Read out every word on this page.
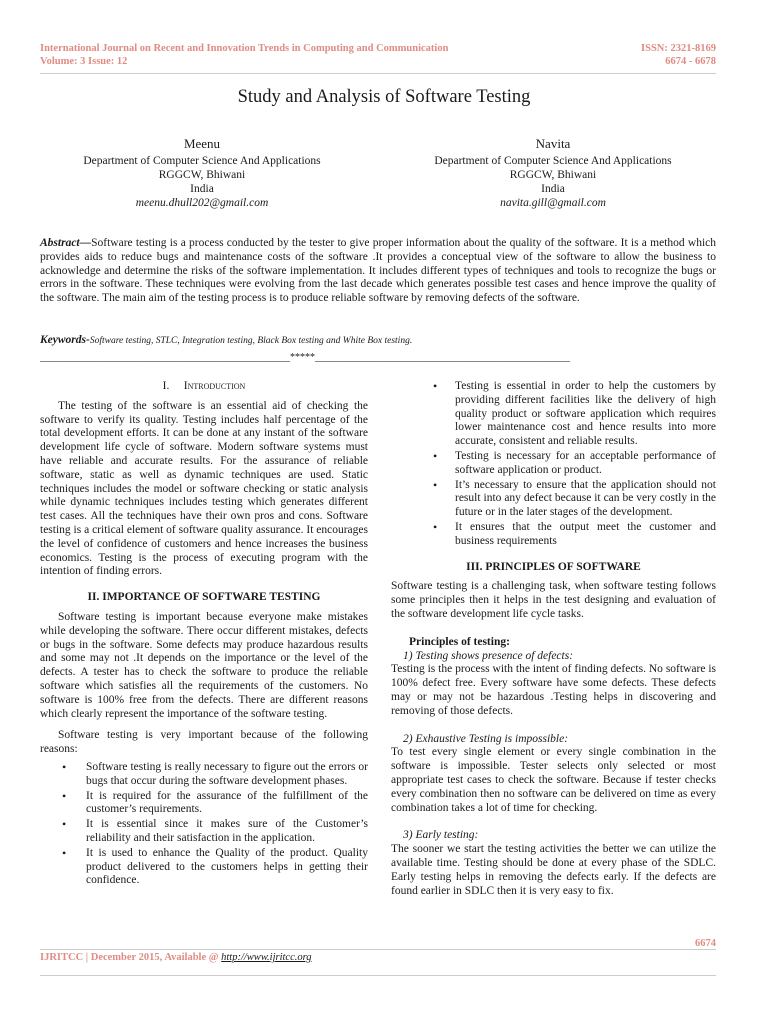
International Journal on Recent and Innovation Trends in Computing and Communication
Volume: 3 Issue: 12
ISSN: 2321-8169
6674 - 6678
Study and Analysis of Software Testing
Meenu
Department of Computer Science And Applications
RGGCW, Bhiwani
India
meenu.dhull202@gmail.com
Navita
Department of Computer Science And Applications
RGGCW, Bhiwani
India
navita.gill@gmail.com
Abstract—Software testing is a process conducted by the tester to give proper information about the quality of the software. It is a method which provides aids to reduce bugs and maintenance costs of the software .It provides a conceptual view of the software to allow the business to acknowledge and determine the risks of the software implementation. It includes different types of techniques and tools to recognize the bugs or errors in the software. These techniques were evolving from the last decade which generates possible test cases and hence improve the quality of the software. The main aim of the testing process is to produce reliable software by removing defects of the software.
Keywords-Software testing, STLC, Integration testing, Black Box testing and White Box testing.
__________________________________________________*****___________________________________________________
I. Introduction

The testing of the software is an essential aid of checking the software to verify its quality. Testing includes half percentage of the total development efforts. It can be done at any instant of the software development life cycle of software. Modern software systems must have reliable and accurate results. For the assurance of reliable software, static as well as dynamic techniques are used. Static techniques includes the model or software checking or static analysis while dynamic techniques includes testing which generates different test cases. All the techniques have their own pros and cons. Software testing is a critical element of software quality assurance. It encourages the level of confidence of customers and hence increases the business economics. Testing is the process of executing program with the intention of finding errors.

II. IMPORTANCE OF SOFTWARE TESTING

Software testing is important because everyone make mistakes while developing the software. There occur different mistakes, defects or bugs in the software. Some defects may produce hazardous results and some may not .It depends on the importance or the level of the defects. A tester has to check the software to produce the reliable software which satisfies all the requirements of the customers. No software is 100% free from the defects. There are different reasons which clearly represent the importance of the software testing.

Software testing is very important because of the following reasons:

• Software testing is really necessary to figure out the errors or bugs that occur during the software development phases.
• It is required for the assurance of the fulfillment of the customer’s requirements.
• It is essential since it makes sure of the Customer’s reliability and their satisfaction in the application.
• It is used to enhance the Quality of the product. Quality product delivered to the customers helps in getting their confidence.
• Testing is essential in order to help the customers by providing different facilities like the delivery of high quality product or software application which requires lower maintenance cost and hence results into more accurate, consistent and reliable results.
• Testing is necessary for an acceptable performance of software application or product.
• It’s necessary to ensure that the application should not result into any defect because it can be very costly in the future or in the later stages of the development.
• It ensures that the output meet the customer and business requirements
III. PRINCIPLES OF SOFTWARE

Software testing is a challenging task, when software testing follows some principles then it helps in the test designing and evaluation of the software development life cycle tasks.

Principles of testing:
1) Testing shows presence of defects:

Testing is the process with the intent of finding defects. No software is 100% defect free. Every software have some defects. These defects may or may not be hazardous .Testing helps in discovering and removing of those defects.

2) Exhaustive Testing is impossible:

To test every single element or every single combination in the software is impossible. Tester selects only selected or most appropriate test cases to check the software. Because if tester checks every combination then no software can be delivered on time as every combination takes a lot of time for checking.

3) Early testing:

The sooner we start the testing activities the better we can utilize the available time. Testing should be done at every phase of the SDLC. Early testing helps in removing the defects early. If the defects are found earlier in SDLC then it is very easy to fix.

6674
IJRITCC | December 2015, Available @ http://www.ijritcc.org
